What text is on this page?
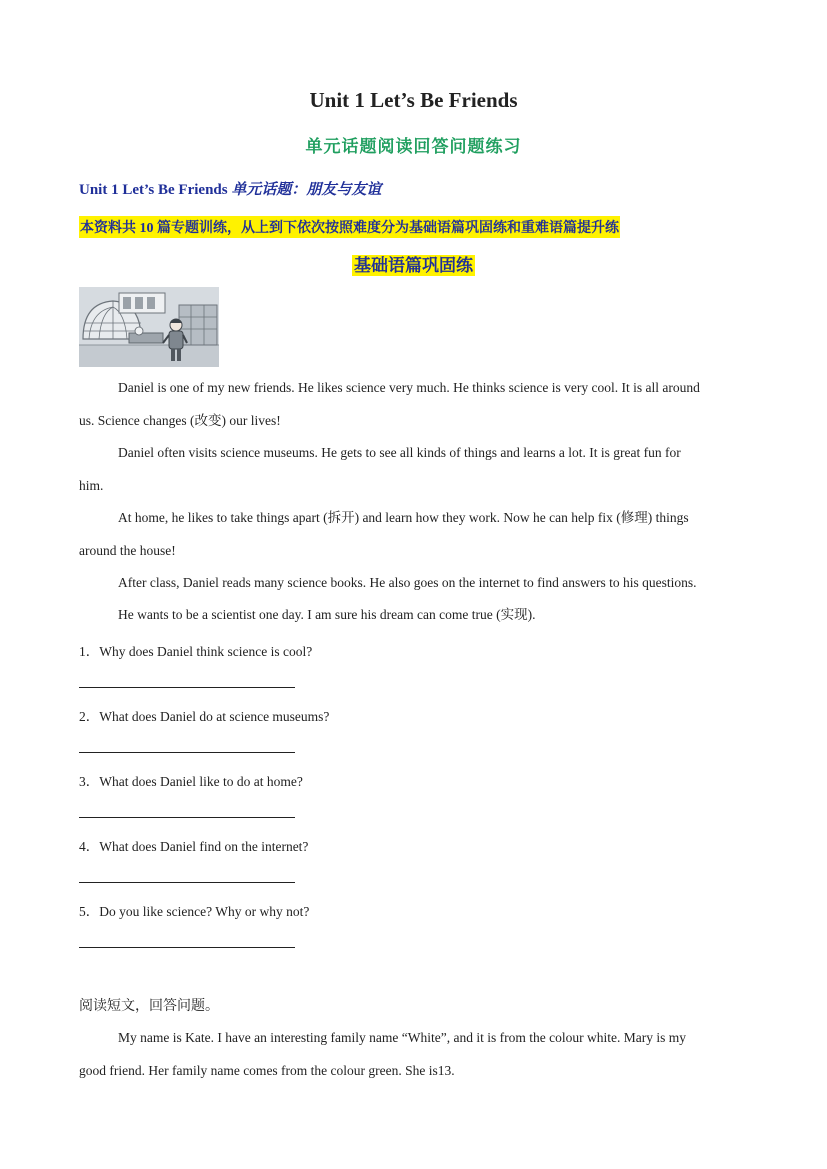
Unit 1 Let’s Be Friends
单元话题阅读回答问题练习
Unit 1 Let’s Be Friends 单元话题：朋友与友谊
本资料共 10 篇专题训练，从上到下依次按照难度分为基础语篇巩固练和重难语篇提升练
基础语篇巩固练
Daniel is one of my new friends. He likes science very much. He thinks science is very cool. It is all around
us. Science changes (改变) our lives!
Daniel often visits science museums. He gets to see all kinds of things and learns a lot. It is great fun for
him.
At home, he likes to take things apart (拆开) and learn how they work. Now he can help fix (修理) things
around the house!
After class, Daniel reads many science books. He also goes on the internet to find answers to his questions.
He wants to be a scientist one day. I am sure his dream can come true (实现).
1．Why does Daniel think science is cool?
2．What does Daniel do at science museums?
3．What does Daniel like to do at home?
4．What does Daniel find on the internet?
5．Do you like science? Why or why not?
阅读短文，回答问题。
My name is Kate. I have an interesting family name “White”, and it is from the colour white. Mary is my
good friend. Her family name comes from the colour green. She is13.
